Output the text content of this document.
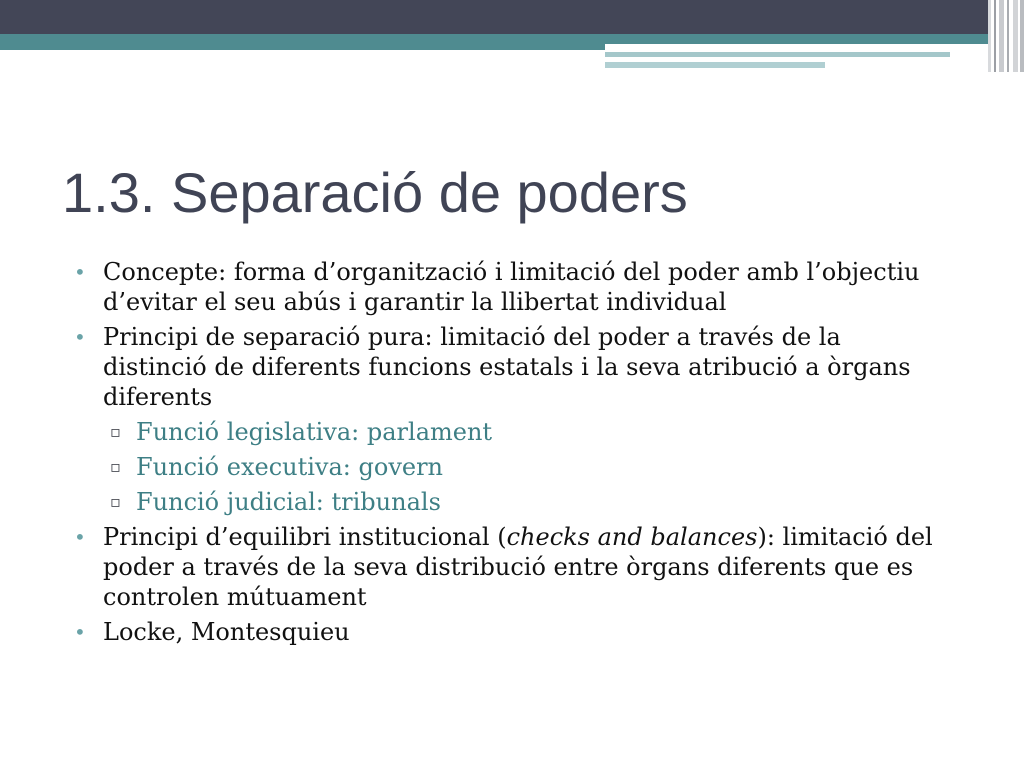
1.3. Separació de poders
• Concepte: forma d’organització i limitació del poder amb l’objectiu
d’evitar el seu abús i garantir la llibertat individual
• Principi de separació pura: limitació del poder a través de la
distinció de diferents funcions estatals i la seva atribució a òrgans
diferents
▫ Funció legislativa: parlament
▫ Funció executiva: govern
▫ Funció judicial: tribunals
• Principi d’equilibri institucional (checks and balances): limitació del
poder a través de la seva distribució entre òrgans diferents que es
controlen mútuament
• Locke, Montesquieu
